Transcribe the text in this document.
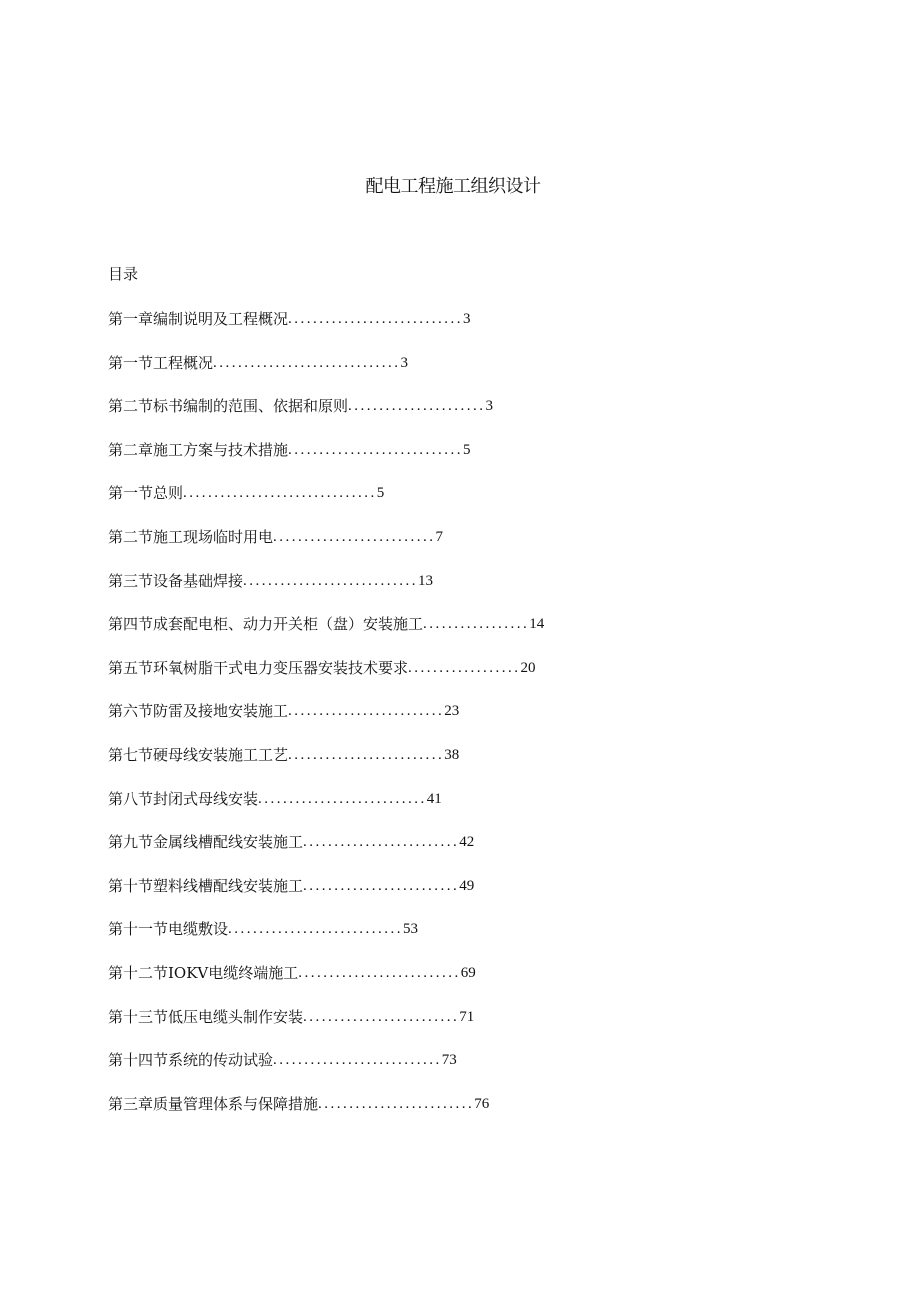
配电工程施工组织设计
目录
第一章编制说明及工程概况............................3
第一节工程概况..............................3
第二节标书编制的范围、依据和原则......................3
第二章施工方案与技术措施............................5
第一节总则...............................5
第二节施工现场临时用电..........................7
第三节设备基础焊接............................13
第四节成套配电柜、动力开关柜（盘）安装施工.................14
第五节环氧树脂干式电力变压器安装技术要求..................20
第六节防雷及接地安装施工.........................23
第七节硬母线安装施工工艺.........................38
第八节封闭式母线安装...........................41
第九节金属线槽配线安装施工.........................42
第十节塑料线槽配线安装施工.........................49
第十一节电缆敷设............................53
第十二节IOKV电缆终端施工..........................69
第十三节低压电缆头制作安装.........................71
第十四节系统的传动试验...........................73
第三章质量管理体系与保障措施.........................76
